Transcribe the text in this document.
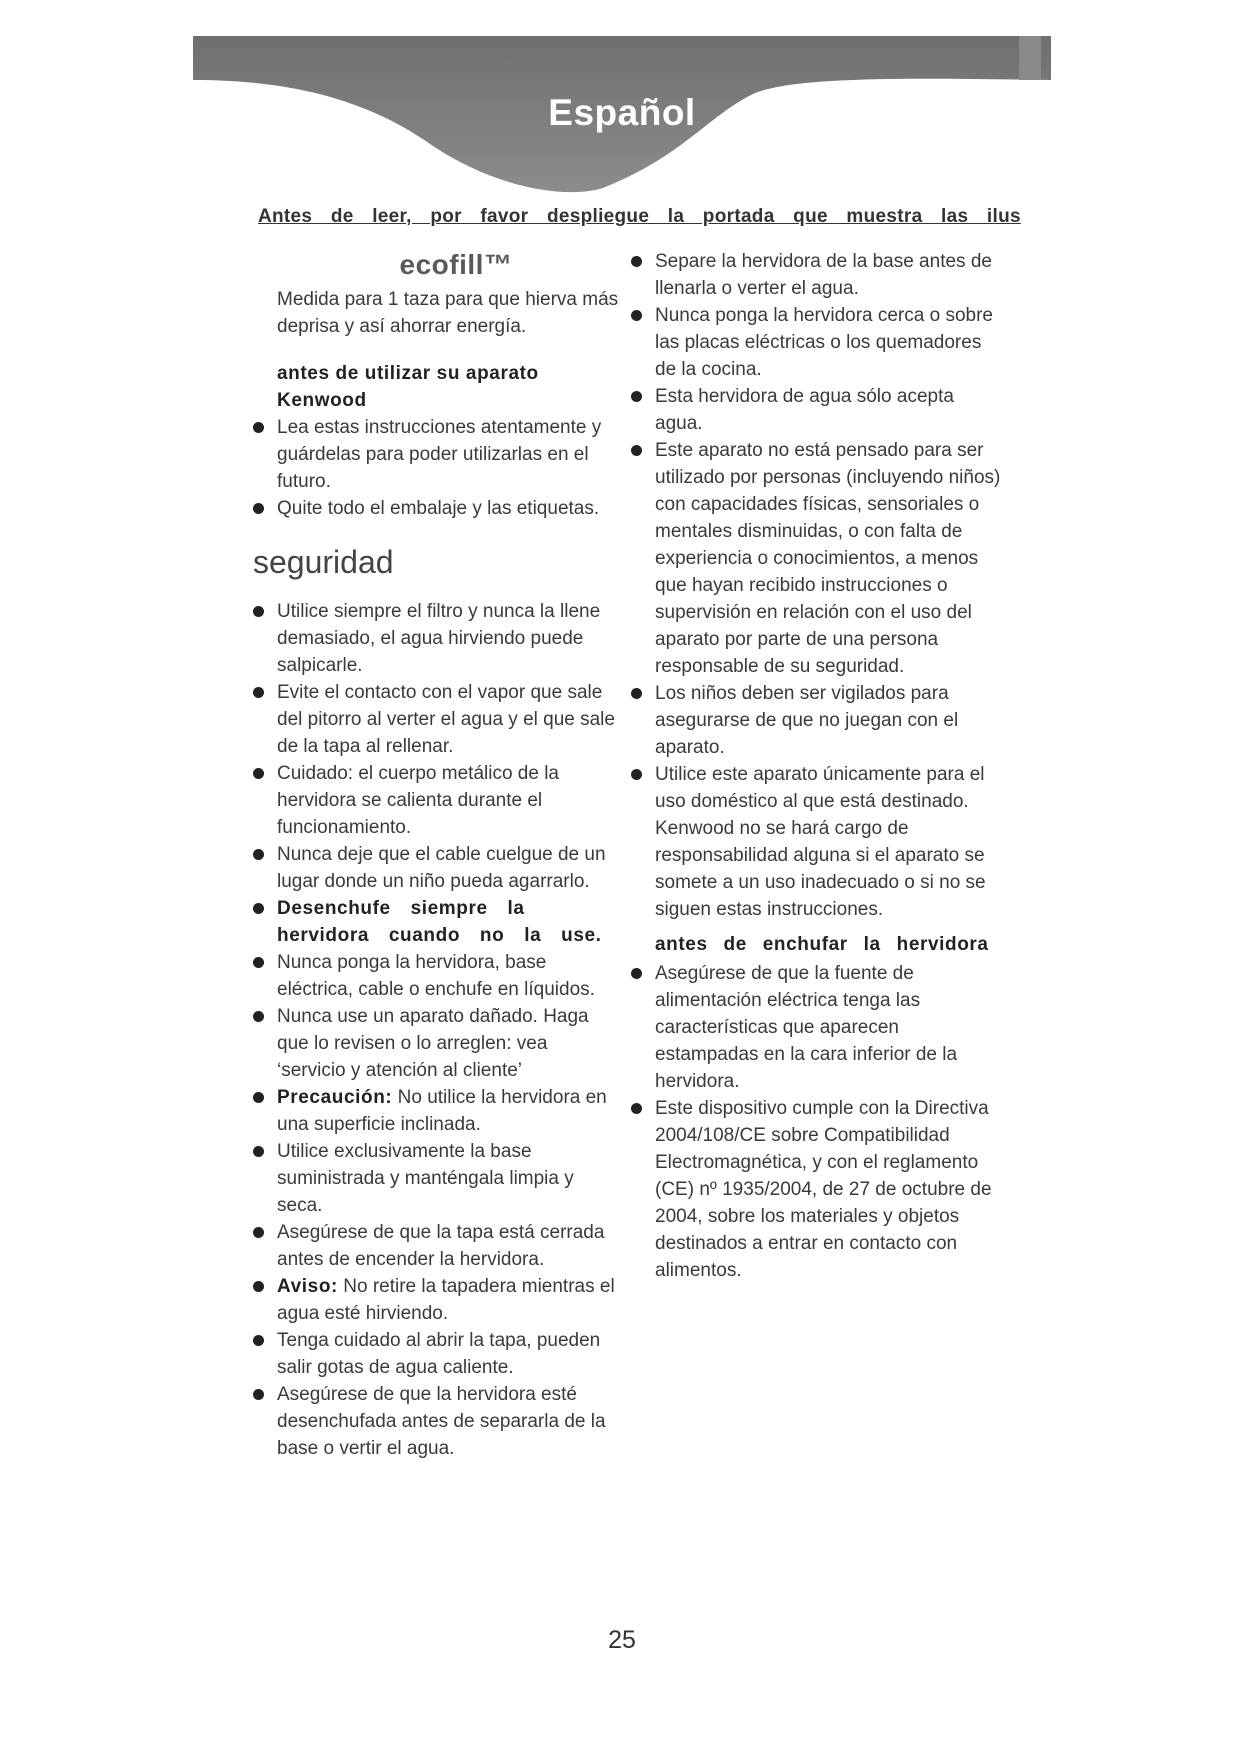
Español
Antes de leer, por favor despliegue la portada que muestra las ilus
ecofill™

Medida para 1 taza para que hierva más deprisa y así ahorrar energía.

antes de utilizar su aparato Kenwood

Lea estas instrucciones atentamente y guárdelas para poder utilizarlas en el futuro.
Quite todo el embalaje y las etiquetas.
seguridad
Utilice siempre el filtro y nunca la llene demasiado, el agua hirviendo puede salpicarle.
Evite el contacto con el vapor que sale del pitorro al verter el agua y el que sale de la tapa al rellenar.
Cuidado: el cuerpo metálico de la hervidora se calienta durante el funcionamiento.
Nunca deje que el cable cuelgue de un lugar donde un niño pueda agarrarlo.
Desenchufe siempre la hervidora cuando no la use.
Nunca ponga la hervidora, base eléctrica, cable o enchufe en líquidos.
Nunca use un aparato dañado. Haga que lo revisen o lo arreglen: vea ‘servicio y atención al cliente’
Precaución: No utilice la hervidora en una superficie inclinada.
Utilice exclusivamente la base suministrada y manténgala limpia y seca.
Asegúrese de que la tapa está cerrada antes de encender la hervidora.
Aviso: No retire la tapadera mientras el agua esté hirviendo.
Tenga cuidado al abrir la tapa, pueden salir gotas de agua caliente.
Asegúrese de que la hervidora esté desenchufada antes de separarla de la base o vertir el agua.
Separe la hervidora de la base antes de llenarla o verter el agua.
Nunca ponga la hervidora cerca o sobre las placas eléctricas o los quemadores de la cocina.
Esta hervidora de agua sólo acepta agua.
Este aparato no está pensado para ser utilizado por personas (incluyendo niños) con capacidades físicas, sensoriales o mentales disminuidas, o con falta de experiencia o conocimientos, a menos que hayan recibido instrucciones o supervisión en relación con el uso del aparato por parte de una persona responsable de su seguridad.
Los niños deben ser vigilados para asegurarse de que no juegan con el aparato.
Utilice este aparato únicamente para el uso doméstico al que está destinado. Kenwood no se hará cargo de responsabilidad alguna si el aparato se somete a un uso inadecuado o si no se siguen estas instrucciones.

antes de enchufar la hervidora

Asegúrese de que la fuente de alimentación eléctrica tenga las características que aparecen estampadas en la cara inferior de la hervidora.
Este dispositivo cumple con la Directiva 2004/108/CE sobre Compatibilidad Electromagnética, y con el reglamento (CE) nº 1935/2004, de 27 de octubre de 2004, sobre los materiales y objetos destinados a entrar en contacto con alimentos.
25
